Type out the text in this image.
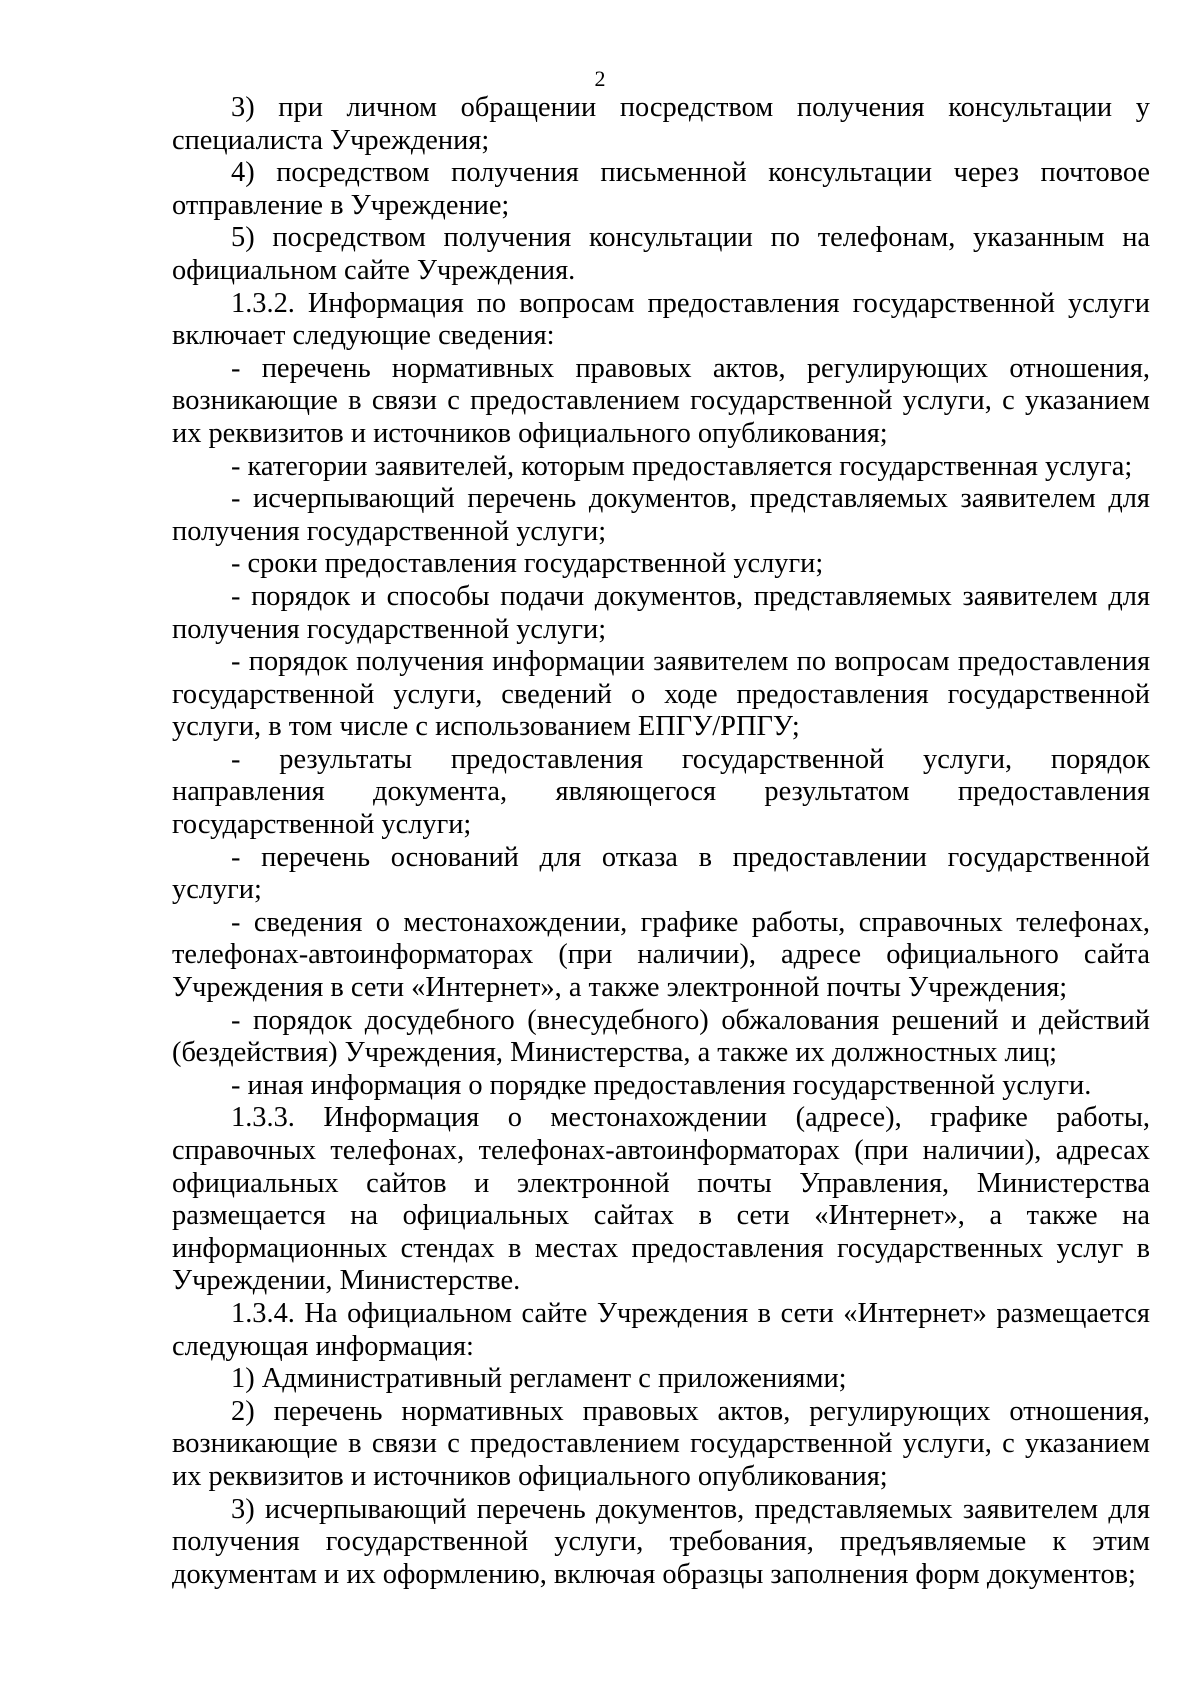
2

3) при личном обращении посредством получения консультации у специалиста Учреждения;

4) посредством получения письменной консультации через почтовое отправление в Учреждение;

5) посредством получения консультации по телефонам, указанным на официальном сайте Учреждения.

1.3.2. Информация по вопросам предоставления государственной услуги включает следующие сведения:

- перечень нормативных правовых актов, регулирующих отношения, возникающие в связи с предоставлением государственной услуги, с указанием их реквизитов и источников официального опубликования;

- категории заявителей, которым предоставляется государственная услуга;

- исчерпывающий перечень документов, представляемых заявителем для получения государственной услуги;

- сроки предоставления государственной услуги;

- порядок и способы подачи документов, представляемых заявителем для получения государственной услуги;

- порядок получения информации заявителем по вопросам предоставления государственной услуги, сведений о ходе предоставления государственной услуги, в том числе с использованием ЕПГУ/РПГУ;

- результаты предоставления государственной услуги, порядок направления документа, являющегося результатом предоставления государственной услуги;

- перечень оснований для отказа в предоставлении государственной услуги;

- сведения о местонахождении, графике работы, справочных телефонах, телефонах-автоинформаторах (при наличии), адресе официального сайта Учреждения в сети «Интернет», а также электронной почты Учреждения;

- порядок досудебного (внесудебного) обжалования решений и действий (бездействия) Учреждения, Министерства, а также их должностных лиц;

- иная информация о порядке предоставления государственной услуги.

1.3.3. Информация о местонахождении (адресе), графике работы, справочных телефонах, телефонах-автоинформаторах (при наличии), адресах официальных сайтов и электронной почты Управления, Министерства размещается на официальных сайтах в сети «Интернет», а также на информационных стендах в местах предоставления государственных услуг в Учреждении, Министерстве.

1.3.4. На официальном сайте Учреждения в сети «Интернет» размещается следующая информация:

1) Административный регламент с приложениями;

2) перечень нормативных правовых актов, регулирующих отношения, возникающие в связи с предоставлением государственной услуги, с указанием их реквизитов и источников официального опубликования;

3) исчерпывающий перечень документов, представляемых заявителем для получения государственной услуги, требования, предъявляемые к этим документам и их оформлению, включая образцы заполнения форм документов;
